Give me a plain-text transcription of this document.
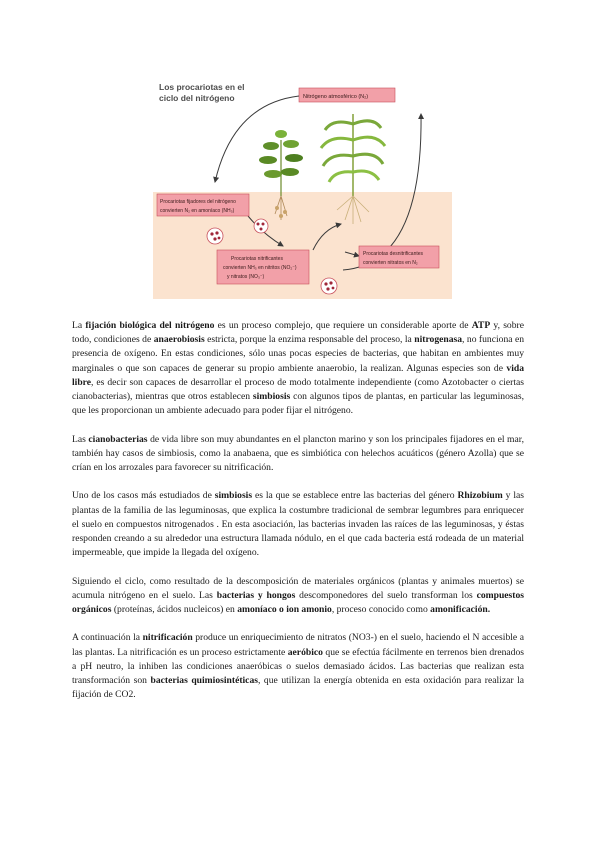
Los procariotas en el
ciclo del nitrógeno	Nitrógeno atmosférico (N₂)
Procariotas fijadores del nitrógeno
convierten N₂ en amoníaco (NH₃)
Procariotas nitrificantes
convierten NH₃ en nitritos (NO₂⁻)
y nitratos (NO₃⁻)
Procariotas desnitrificantes
convierten nitratos en N₂

La fijación biológica del nitrógeno es un proceso complejo, que requiere un considerable aporte de ATP y, sobre todo, condiciones de anaerobiosis estricta, porque la enzima responsable del proceso, la nitrogenasa, no funciona en presencia de oxígeno. En estas condiciones, sólo unas pocas especies de bacterias, que habitan en ambientes muy marginales o que son capaces de generar su propio ambiente anaerobio, la realizan. Algunas especies son de vida libre, es decir son capaces de desarrollar el proceso de modo totalmente independiente (como Azotobacter o ciertas cianobacterias), mientras que otros establecen simbiosis con algunos tipos de plantas, en particular las leguminosas, que les proporcionan un ambiente adecuado para poder fijar el nitrógeno.

Las cianobacterias de vida libre son muy abundantes en el plancton marino y son los principales fijadores en el mar, también hay casos de simbiosis, como la anabaena, que es simbiótica con helechos acuáticos (género Azolla) que se crían en los arrozales para favorecer su nitrificación.

Uno de los casos más estudiados de simbiosis es la que se establece entre las bacterias del género Rhizobium y las plantas de la familia de las leguminosas, que explica la costumbre tradicional de sembrar legumbres para enriquecer el suelo en compuestos nitrogenados . En esta asociación, las bacterias invaden las raíces de las leguminosas, y éstas responden creando a su alrededor una estructura llamada nódulo, en el que cada bacteria está rodeada de un material impermeable, que impide la llegada del oxígeno.

Siguiendo el ciclo, como resultado de la descomposición de materiales orgánicos (plantas y animales muertos) se acumula nitrógeno en el suelo. Las bacterias y hongos descomponedores del suelo transforman los compuestos orgánicos (proteínas, ácidos nucleicos) en amoníaco o ion amonio, proceso conocido como amonificación.

A continuación la nitrificación produce un enriquecimiento de nitratos (NO3-) en el suelo, haciendo el N accesible a las plantas. La nitrificación es un proceso estrictamente aeróbico que se efectúa fácilmente en terrenos bien drenados a pH neutro, la inhiben las condiciones anaeróbicas o suelos demasiado ácidos. Las bacterias que realizan esta transformación son bacterias quimiosintéticas, que utilizan la energía obtenida en esta oxidación para realizar la fijación de CO2.
